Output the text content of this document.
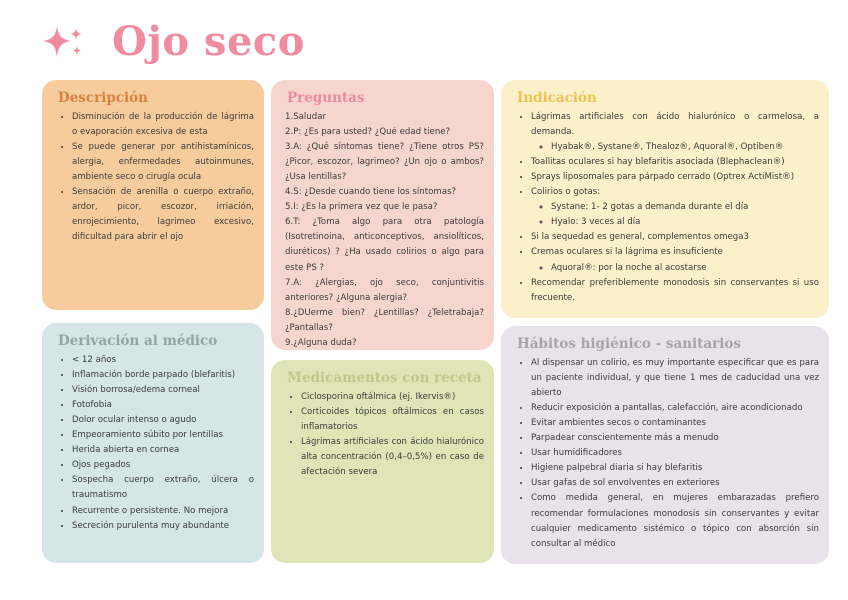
Ojo seco
Descripción
• Disminución de la producción de lágrima o evaporación excesiva de esta
• Se puede generar por antihistamínicos, alergia, enfermedades autoinmunes, ambiente seco o cirugía ocula
• Sensación de arenilla o cuerpo extraño, ardor, picor, escozor, irriación, enrojecimiento, lagrimeo excesivo, dificultad para abrir el ojo
Preguntas
1.Saludar
2.P: ¿Es para usted? ¿Qué edad tiene?
3.A: ¿Qué síntomas tiene? ¿Tiene otros PS? ¿Picor, escozor, lagrimeo? ¿Un ojo o ambos? ¿Usa lentillas?
4.S: ¿Desde cuando tiene los síntomas?
5.I: ¿Es la primera vez que le pasa?
6.T: ¿Toma algo para otra patología (Isotretinoina, anticonceptivos, ansiolíticos, diuréticos) ? ¿Ha usado colirios o algo para este PS ?
7.A: ¿Alergias, ojo seco, conjuntivitis anteriores? ¿Alguna alergia?
8.¿DUerme bien? ¿Lentillas? ¿Teletrabaja? ¿Pantallas?
9.¿Alguna duda?
Indicación
• Lágrimas artificiales con ácido hialurónico o carmelosa, a demanda.
◦ Hyabak®, Systane®, Thealoz®, Aquoral®, Optiben®
• Toallitas oculares si hay blefaritis asociada (Blephaclean®)
• Sprays liposomales para párpado cerrado (Optrex ActiMist®)
• Colirios o gotas:
◦ Systane: 1- 2 gotas a demanda durante el día
◦ Hyalo: 3 veces al día
• Si la sequedad es general, complementos omega3
• Cremas oculares si la lágrima es insuficiente
◦ Aquoral®: por la noche al acostarse
• Recomendar preferiblemente monodosis sin conservantes si uso frecuente.
Derivación al médico
• < 12 años
• Inflamación borde parpado (blefaritis)
• Visión borrosa/edema corneal
• Fotofobia
• Dolor ocular intenso o agudo
• Empeoramiento súbito por lentillas
• Herida abierta en cornea
• Ojos pegados
• Sospecha cuerpo extraño, úlcera o traumatismo
• Recurrente o persistente. No mejora
• Secreción purulenta muy abundante
Medicamentos con receta
• Ciclosporina oftálmica (ej. Ikervis®)
• Corticoides tópicos oftálmicos en casos inflamatorios
• Lágrimas artificiales con ácido hialurónico alta concentración (0,4–0,5%) en caso de afectación severa
Hábitos higiénico - sanitarios
• Al dispensar un colirio, es muy importante especificar que es para un paciente individual, y que tiene 1 mes de caducidad una vez abierto
• Reducir exposición a pantallas, calefacción, aire acondicionado
• Evitar ambientes secos o contaminantes
• Parpadear conscientemente más a menudo
• Usar humidificadores
• Higiene palpebral diaria si hay blefaritis
• Usar gafas de sol envolventes en exteriores
• Como medida general, en mujeres embarazadas prefiero recomendar formulaciones monodosis sin conservantes y evitar cualquier medicamento sistémico o tópico con absorción sin consultar al médico
